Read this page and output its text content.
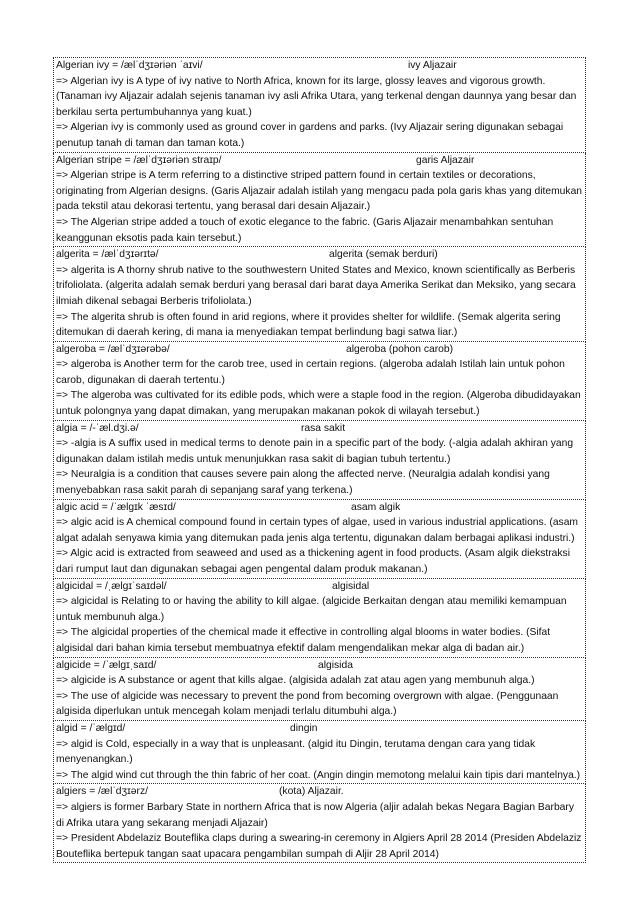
Algerian ivy = /ælˈdʒɪəriən ˈaɪvi/	ivy Aljazair
=> Algerian ivy is A type of ivy native to North Africa, known for its large, glossy leaves and vigorous growth. (Tanaman ivy Aljazair adalah sejenis tanaman ivy asli Afrika Utara, yang terkenal dengan daunnya yang besar dan berkilau serta pertumbuhannya yang kuat.)
=> Algerian ivy is commonly used as ground cover in gardens and parks. (Ivy Aljazair sering digunakan sebagai penutup tanah di taman dan taman kota.)
Algerian stripe = /ælˈdʒɪəriən straɪp/	garis Aljazair
=> Algerian stripe is A term referring to a distinctive striped pattern found in certain textiles or decorations, originating from Algerian designs. (Garis Aljazair adalah istilah yang mengacu pada pola garis khas yang ditemukan pada tekstil atau dekorasi tertentu, yang berasal dari desain Aljazair.)
=> The Algerian stripe added a touch of exotic elegance to the fabric. (Garis Aljazair menambahkan sentuhan keanggunan eksotis pada kain tersebut.)
algerita = /ælˈdʒɪərɪtə/	algerita (semak berduri)
=> algerita is A thorny shrub native to the southwestern United States and Mexico, known scientifically as Berberis trifoliolata. (algerita adalah semak berduri yang berasal dari barat daya Amerika Serikat dan Meksiko, yang secara ilmiah dikenal sebagai Berberis trifoliolata.)
=> The algerita shrub is often found in arid regions, where it provides shelter for wildlife. (Semak algerita sering ditemukan di daerah kering, di mana ia menyediakan tempat berlindung bagi satwa liar.)
algeroba = /ælˈdʒɪərəbə/	algeroba (pohon carob)
=> algeroba is Another term for the carob tree, used in certain regions. (algeroba adalah Istilah lain untuk pohon carob, digunakan di daerah tertentu.)
=> The algeroba was cultivated for its edible pods, which were a staple food in the region. (Algeroba dibudidayakan untuk polongnya yang dapat dimakan, yang merupakan makanan pokok di wilayah tersebut.)
algia = /-ˈæl.dʒi.ə/	rasa sakit
=> -algia is A suffix used in medical terms to denote pain in a specific part of the body. (-algia adalah akhiran yang digunakan dalam istilah medis untuk menunjukkan rasa sakit di bagian tubuh tertentu.)
=> Neuralgia is a condition that causes severe pain along the affected nerve. (Neuralgia adalah kondisi yang menyebabkan rasa sakit parah di sepanjang saraf yang terkena.)
algic acid = /ˈælgɪk ˈæsɪd/	asam algik
=> algic acid is A chemical compound found in certain types of algae, used in various industrial applications. (asam algat adalah senyawa kimia yang ditemukan pada jenis alga tertentu, digunakan dalam berbagai aplikasi industri.)
=> Algic acid is extracted from seaweed and used as a thickening agent in food products. (Asam algik diekstraksi dari rumput laut dan digunakan sebagai agen pengental dalam produk makanan.)
algicidal = /ˌælgɪˈsaɪdəl/	algisidal
=> algicidal is Relating to or having the ability to kill algae. (algicide Berkaitan dengan atau memiliki kemampuan untuk membunuh alga.)
=> The algicidal properties of the chemical made it effective in controlling algal blooms in water bodies. (Sifat algisidal dari bahan kimia tersebut membuatnya efektif dalam mengendalikan mekar alga di badan air.)
algicide = /ˈælgɪˌsaɪd/	algisida
=> algicide is A substance or agent that kills algae. (algisida adalah zat atau agen yang membunuh alga.)
=> The use of algicide was necessary to prevent the pond from becoming overgrown with algae. (Penggunaan algisida diperlukan untuk mencegah kolam menjadi terlalu ditumbuhi alga.)
algid = /ˈælgɪd/	dingin
=> algid is Cold, especially in a way that is unpleasant. (algid itu Dingin, terutama dengan cara yang tidak menyenangkan.)
=> The algid wind cut through the thin fabric of her coat. (Angin dingin memotong melalui kain tipis dari mantelnya.)
algiers = /ælˈdʒɪərz/	(kota) Aljazair.
=> algiers is former Barbary State in northern Africa that is now Algeria (aljir adalah bekas Negara Bagian Barbary di Afrika utara yang sekarang menjadi Aljazair)
=> President Abdelaziz Bouteflika claps during a swearing-in ceremony in Algiers April 28 2014 (Presiden Abdelaziz Bouteflika bertepuk tangan saat upacara pengambilan sumpah di Aljir 28 April 2014)
